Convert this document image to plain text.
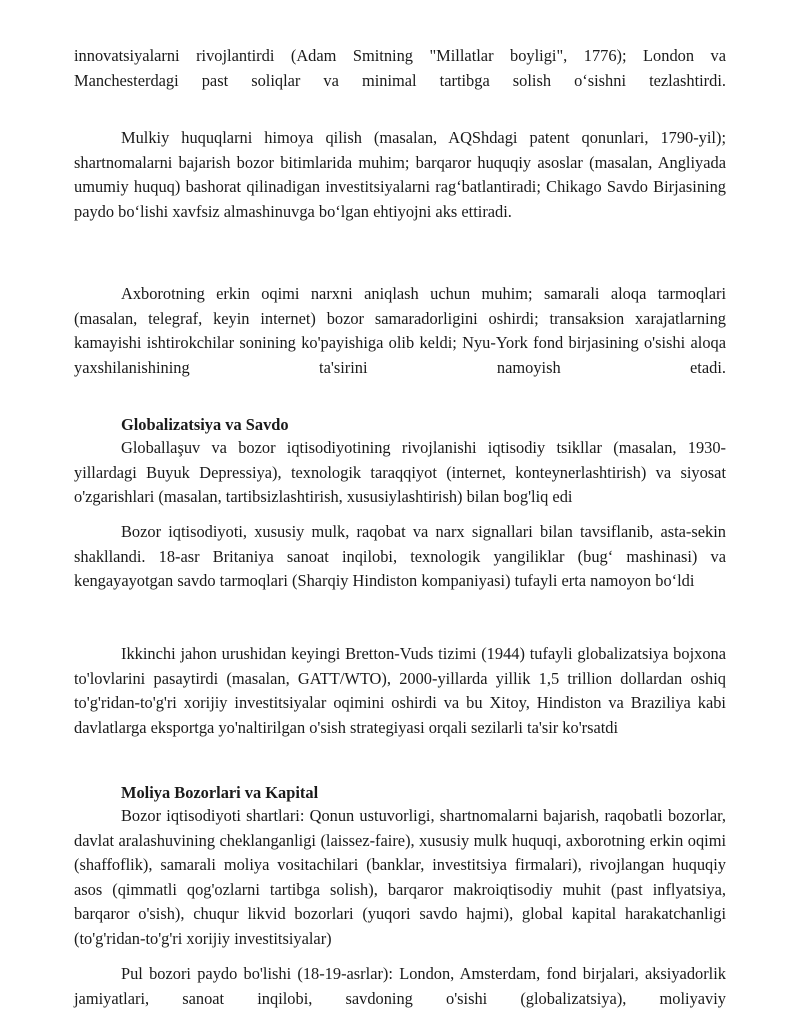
innovatsiyalarni rivojlantirdi (Adam Smitning "Millatlar boyligi", 1776); London va Manchesterdagi past soliqlar va minimal tartibga solish o‘sishni tezlashtirdi.

Mulkiy huquqlarni himoya qilish (masalan, AQShdagi patent qonunlari, 1790-yil); shartnomalarni bajarish bozor bitimlarida muhim; barqaror huquqiy asoslar (masalan, Angliyada umumiy huquq) bashorat qilinadigan investitsiyalarni rag‘batlantiradi; Chikago Savdo Birjasining paydo bo‘lishi xavfsiz almashinuvga bo‘lgan ehtiyojni aks ettiradi.

Axborotning erkin oqimi narxni aniqlash uchun muhim; samarali aloqa tarmoqlari (masalan, telegraf, keyin internet) bozor samaradorligini oshirdi; transaksion xarajatlarning kamayishi ishtirokchilar sonining ko'payishiga olib keldi; Nyu-York fond birjasining o'sishi aloqa yaxshilanishining ta'sirini namoyish etadi.

Globalizatsiya va Savdo

Globallaşuv va bozor iqtisodiyotining rivojlanishi iqtisodiy tsikllar (masalan, 1930-yillardagi Buyuk Depressiya), texnologik taraqqiyot (internet, konteynerlashtirish) va siyosat o'zgarishlari (masalan, tartibsizlashtirish, xususiylashtirish) bilan bog'liq edi

Bozor iqtisodiyoti, xususiy mulk, raqobat va narx signallari bilan tavsiflanib, asta-sekin shakllandi. 18-asr Britaniya sanoat inqilobi, texnologik yangiliklar (bug‘ mashinasi) va kengayayotgan savdo tarmoqlari (Sharqiy Hindiston kompaniyasi) tufayli erta namoyon bo‘ldi

Ikkinchi jahon urushidan keyingi Bretton-Vuds tizimi (1944) tufayli globalizatsiya bojxona to'lovlarini pasaytirdi (masalan, GATT/WTO), 2000-yillarda yillik 1,5 trillion dollardan oshiq to'g'ridan-to'g'ri xorijiy investitsiyalar oqimini oshirdi va bu Xitoy, Hindiston va Braziliya kabi davlatlarga eksportga yo'naltirilgan o'sish strategiyasi orqali sezilarli ta'sir ko'rsatdi

Moliya Bozorlari va Kapital

Bozor iqtisodiyoti shartlari: Qonun ustuvorligi, shartnomalarni bajarish, raqobatli bozorlar, davlat aralashuvining cheklanganligi (laissez-faire), xususiy mulk huquqi, axborotning erkin oqimi (shaffoflik), samarali moliya vositachilari (banklar, investitsiya firmalari), rivojlangan huquqiy asos (qimmatli qog'ozlarni tartibga solish), barqaror makroiqtisodiy muhit (past inflyatsiya, barqaror o'sish), chuqur likvid bozorlari (yuqori savdo hajmi), global kapital harakatchanligi (to'g'ridan-to'g'ri xorijiy investitsiyalar)

Pul bozori paydo bo'lishi (18-19-asrlar): London, Amsterdam, fond birjalari, aksiyadorlik jamiyatlari, sanoat inqilobi, savdoning o'sishi (globalizatsiya), moliyaviy
